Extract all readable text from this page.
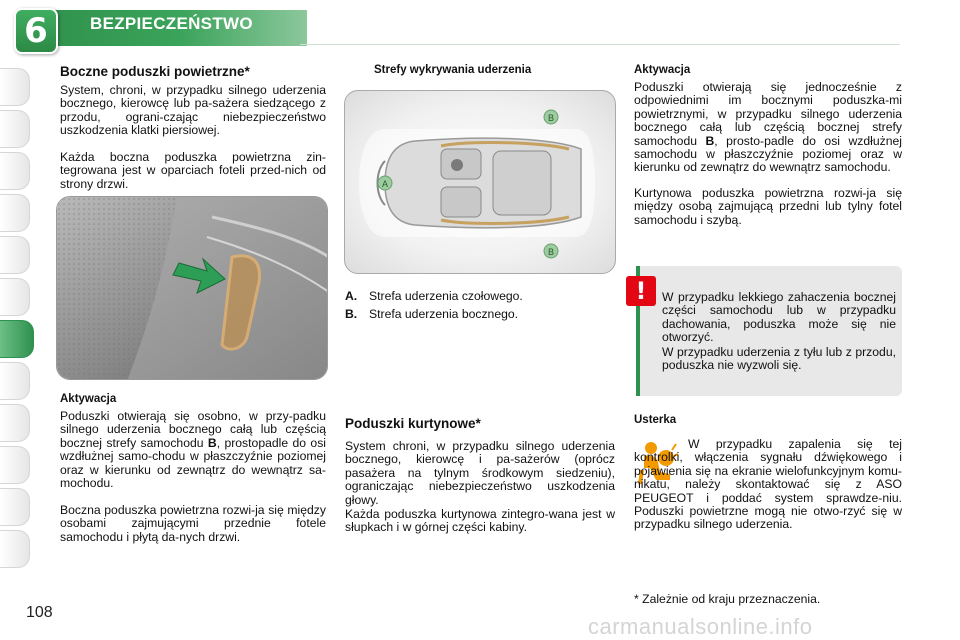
6	BEZPIECZEŃSTWO
Boczne poduszki powietrzne*
System, chroni, w przypadku silnego uderzenia bocznego, kierowcę lub pa-sażera siedzącego z przodu, ograni-czając niebezpieczeństwo uszkodzenia klatki piersiowej.
Każda boczna poduszka powietrzna zin-tegrowana jest w oparciach foteli przed-nich od strony drzwi.
Aktywacja
Poduszki otwierają się osobno, w przy-padku silnego uderzenia bocznego całą lub częścią bocznej strefy samochodu B, prostopadle do osi wzdłużnej samo-chodu w płaszczyźnie poziomej oraz w kierunku od zewnątrz do wewnątrz sa-mochodu.
Boczna poduszka powietrzna rozwi-ja się między osobami zajmującymi przednie fotele samochodu i płytą da-nych drzwi.
Strefy wykrywania uderzenia
B
A
B
A. Strefa uderzenia czołowego.
B. Strefa uderzenia bocznego.
Poduszki kurtynowe*
System chroni, w przypadku silnego uderzenia bocznego, kierowcę i pa-sażerów (oprócz pasażera na tylnym środkowym siedzeniu), ograniczając niebezpieczeństwo uszkodzenia głowy.
Każda poduszka kurtynowa zintegro-wana jest w słupkach i w górnej części kabiny.
Aktywacja
Poduszki otwierają się jednocześnie z odpowiednimi im bocznymi poduszka-mi powietrznymi, w przypadku silnego uderzenia bocznego całą lub częścią bocznej strefy samochodu B, prosto-padle do osi wzdłużnej samochodu w płaszczyźnie poziomej oraz w kierunku od zewnątrz do wewnątrz samochodu.
Kurtynowa poduszka powietrzna rozwi-ja się między osobą zajmującą przedni lub tylny fotel samochodu i szybą.
!	W przypadku lekkiego zahaczenia bocznej części samochodu lub w przypadku dachowania, poduszka może się nie otworzyć.
W przypadku uderzenia z tyłu lub z przodu, poduszka nie wyzwoli się.
Usterka
W przypadku zapalenia się tej kontrolki, włączenia sygnału dźwiękowego i pojawienia się na ekranie wielofunkcyjnym komu-nikatu, należy skontaktować się z ASO PEUGEOT i poddać system sprawdze-niu. Poduszki powietrzne mogą nie otwo-rzyć się w przypadku silnego uderzenia.
* Zależnie od kraju przeznaczenia.
108
carmanualsonline.info
